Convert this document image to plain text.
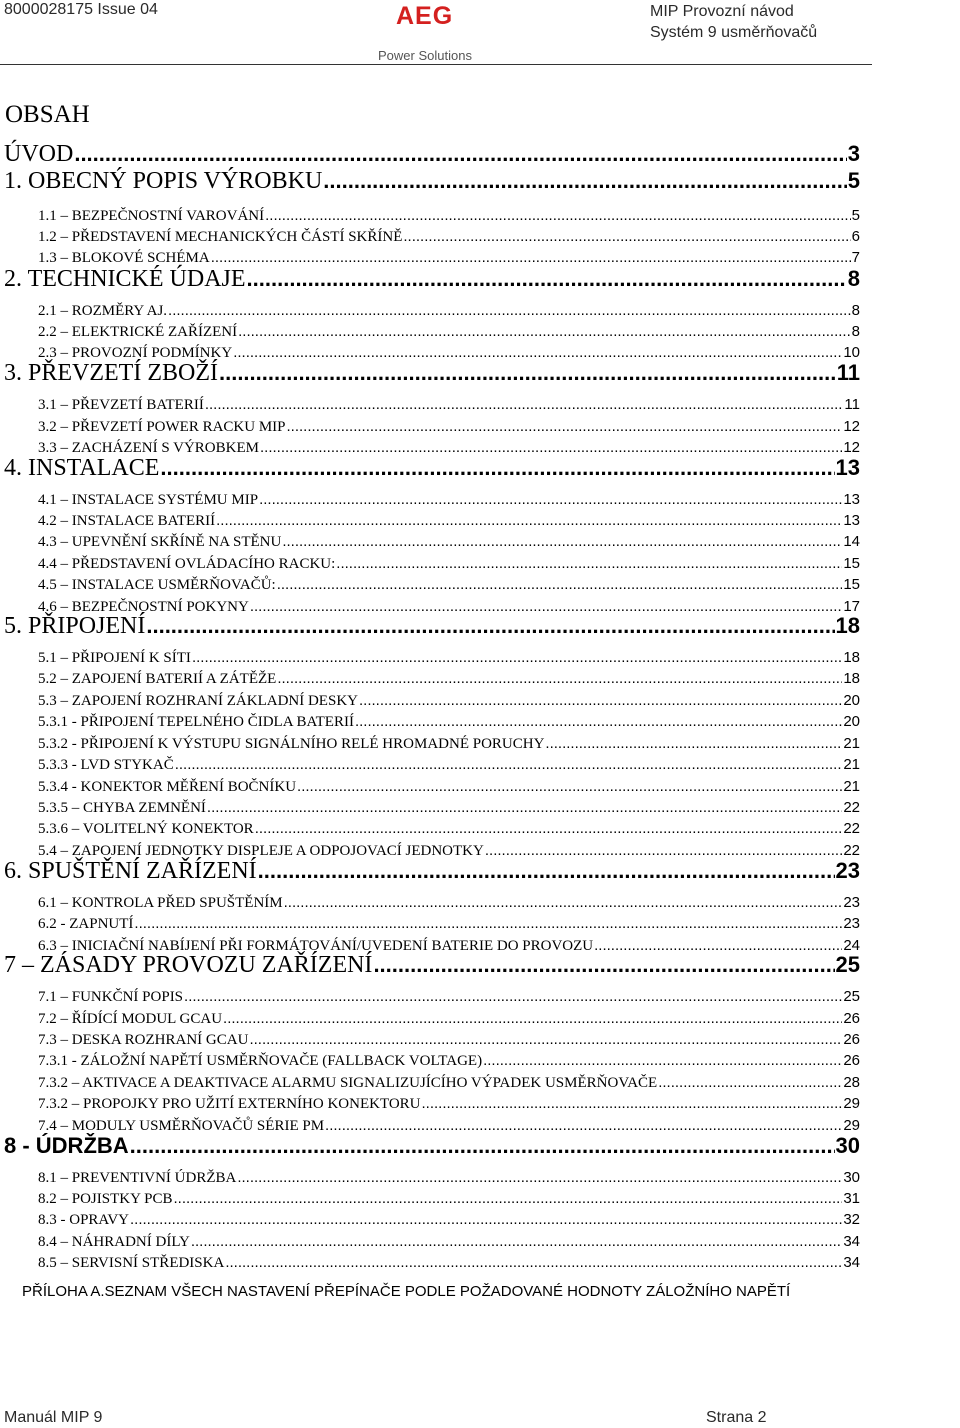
8000028175 Issue 04	AEG
Power Solutions
MIP Provozní návod
Systém 9 usměrňovačů
OBSAH
ÚVOD .....	3
1. OBECNÝ POPIS VÝROBKU .....	5
1.1 – BEZPEČNOSTNÍ VAROVÁNÍ .....	5
1.2 – PŘEDSTAVENÍ MECHANICKÝCH ČÁSTÍ SKŘÍNĚ .....	6
1.3 – BLOKOVÉ SCHÉMA .....	7
2. TECHNICKÉ ÚDAJE .....	8
2.1 – ROZMĚRY AJ. .....	8
2.2 – ELEKTRICKÉ ZAŘÍZENÍ .....	8
2.3 – PROVOZNÍ PODMÍNKY .....	10
3. PŘEVZETÍ ZBOŽÍ .....	11
3.1 – PŘEVZETÍ BATERIÍ .....	11
3.2 – PŘEVZETÍ POWER RACKU MIP .....	12
3.3 – ZACHÁZENÍ S VÝROBKEM .....	12
4. INSTALACE .....	13
4.1 – INSTALACE SYSTÉMU MIP .....	13
4.2 – INSTALACE BATERIÍ .....	13
4.3 – UPEVNĚNÍ SKŘÍNĚ NA STĚNU .....	14
4.4 – PŘEDSTAVENÍ OVLÁDACÍHO RACKU: .....	15
4.5 – INSTALACE USMĚRŇOVAČŮ: .....	15
4.6 – BEZPEČNOSTNÍ POKYNY .....	17
5. PŘIPOJENÍ .....	18
5.1 – PŘIPOJENÍ K SÍTI .....	18
5.2 – ZAPOJENÍ BATERIÍ A ZÁTĚŽE .....	18
5.3 – ZAPOJENÍ ROZHRANÍ ZÁKLADNÍ DESKY .....	20
5.3.1 - PŘIPOJENÍ TEPELNÉHO ČIDLA BATERIÍ .....	20
5.3.2 - PŘIPOJENÍ K VÝSTUPU SIGNÁLNÍHO RELÉ HROMADNÉ PORUCHY .....	21
5.3.3 - LVD STYKAČ .....	21
5.3.4 - KONEKTOR MĚŘENÍ BOČNÍKU .....	21
5.3.5 – CHYBA ZEMNĚNÍ .....	22
5.3.6 – VOLITELNÝ KONEKTOR .....	22
5.4 – ZAPOJENÍ JEDNOTKY DISPLEJE A ODPOJOVACÍ JEDNOTKY .....	22
6. SPUŠTĚNÍ ZAŘÍZENÍ .....	23
6.1 – KONTROLA PŘED SPUŠTĚNÍM .....	23
6.2 - ZAPNUTÍ .....	23
6.3 – INICIAČNÍ NABÍJENÍ PŘI FORMÁTOVÁNÍ/UVEDENÍ BATERIE DO PROVOZU .....	24
7 – ZÁSADY PROVOZU ZAŘÍZENÍ .....	25
7.1 – FUNKČNÍ POPIS .....	25
7.2 – ŘÍDÍCÍ MODUL GCAU .....	26
7.3 – DESKA ROZHRANÍ GCAU .....	26
7.3.1 - ZÁLOŽNÍ NAPĚTÍ USMĚRŇOVAČE (FALLBACK VOLTAGE) .....	26
7.3.2 – AKTIVACE A DEAKTIVACE ALARMU SIGNALIZUJÍCÍHO VÝPADEK USMĚRŇOVAČE .....	28
7.3.2 – PROPOJKY PRO UŽITÍ EXTERNÍHO KONEKTORU .....	29
7.4 – MODULY USMĚRŇOVAČŮ SÉRIE PM .....	29
8 - ÚDRŽBA .....	30
8.1 – PREVENTIVNÍ ÚDRŽBA .....	30
8.2 – POJISTKY PCB .....	31
8.3 - OPRAVY .....	32
8.4 – NÁHRADNÍ DÍLY .....	34
8.5 – SERVISNÍ STŘEDISKA .....	34
PŘÍLOHA A.SEZNAM VŠECH NASTAVENÍ PŘEPÍNAČE PODLE POŽADOVANÉ HODNOTY ZÁLOŽNÍHO NAPĚTÍ
Manuál MIP 9	Strana 2
